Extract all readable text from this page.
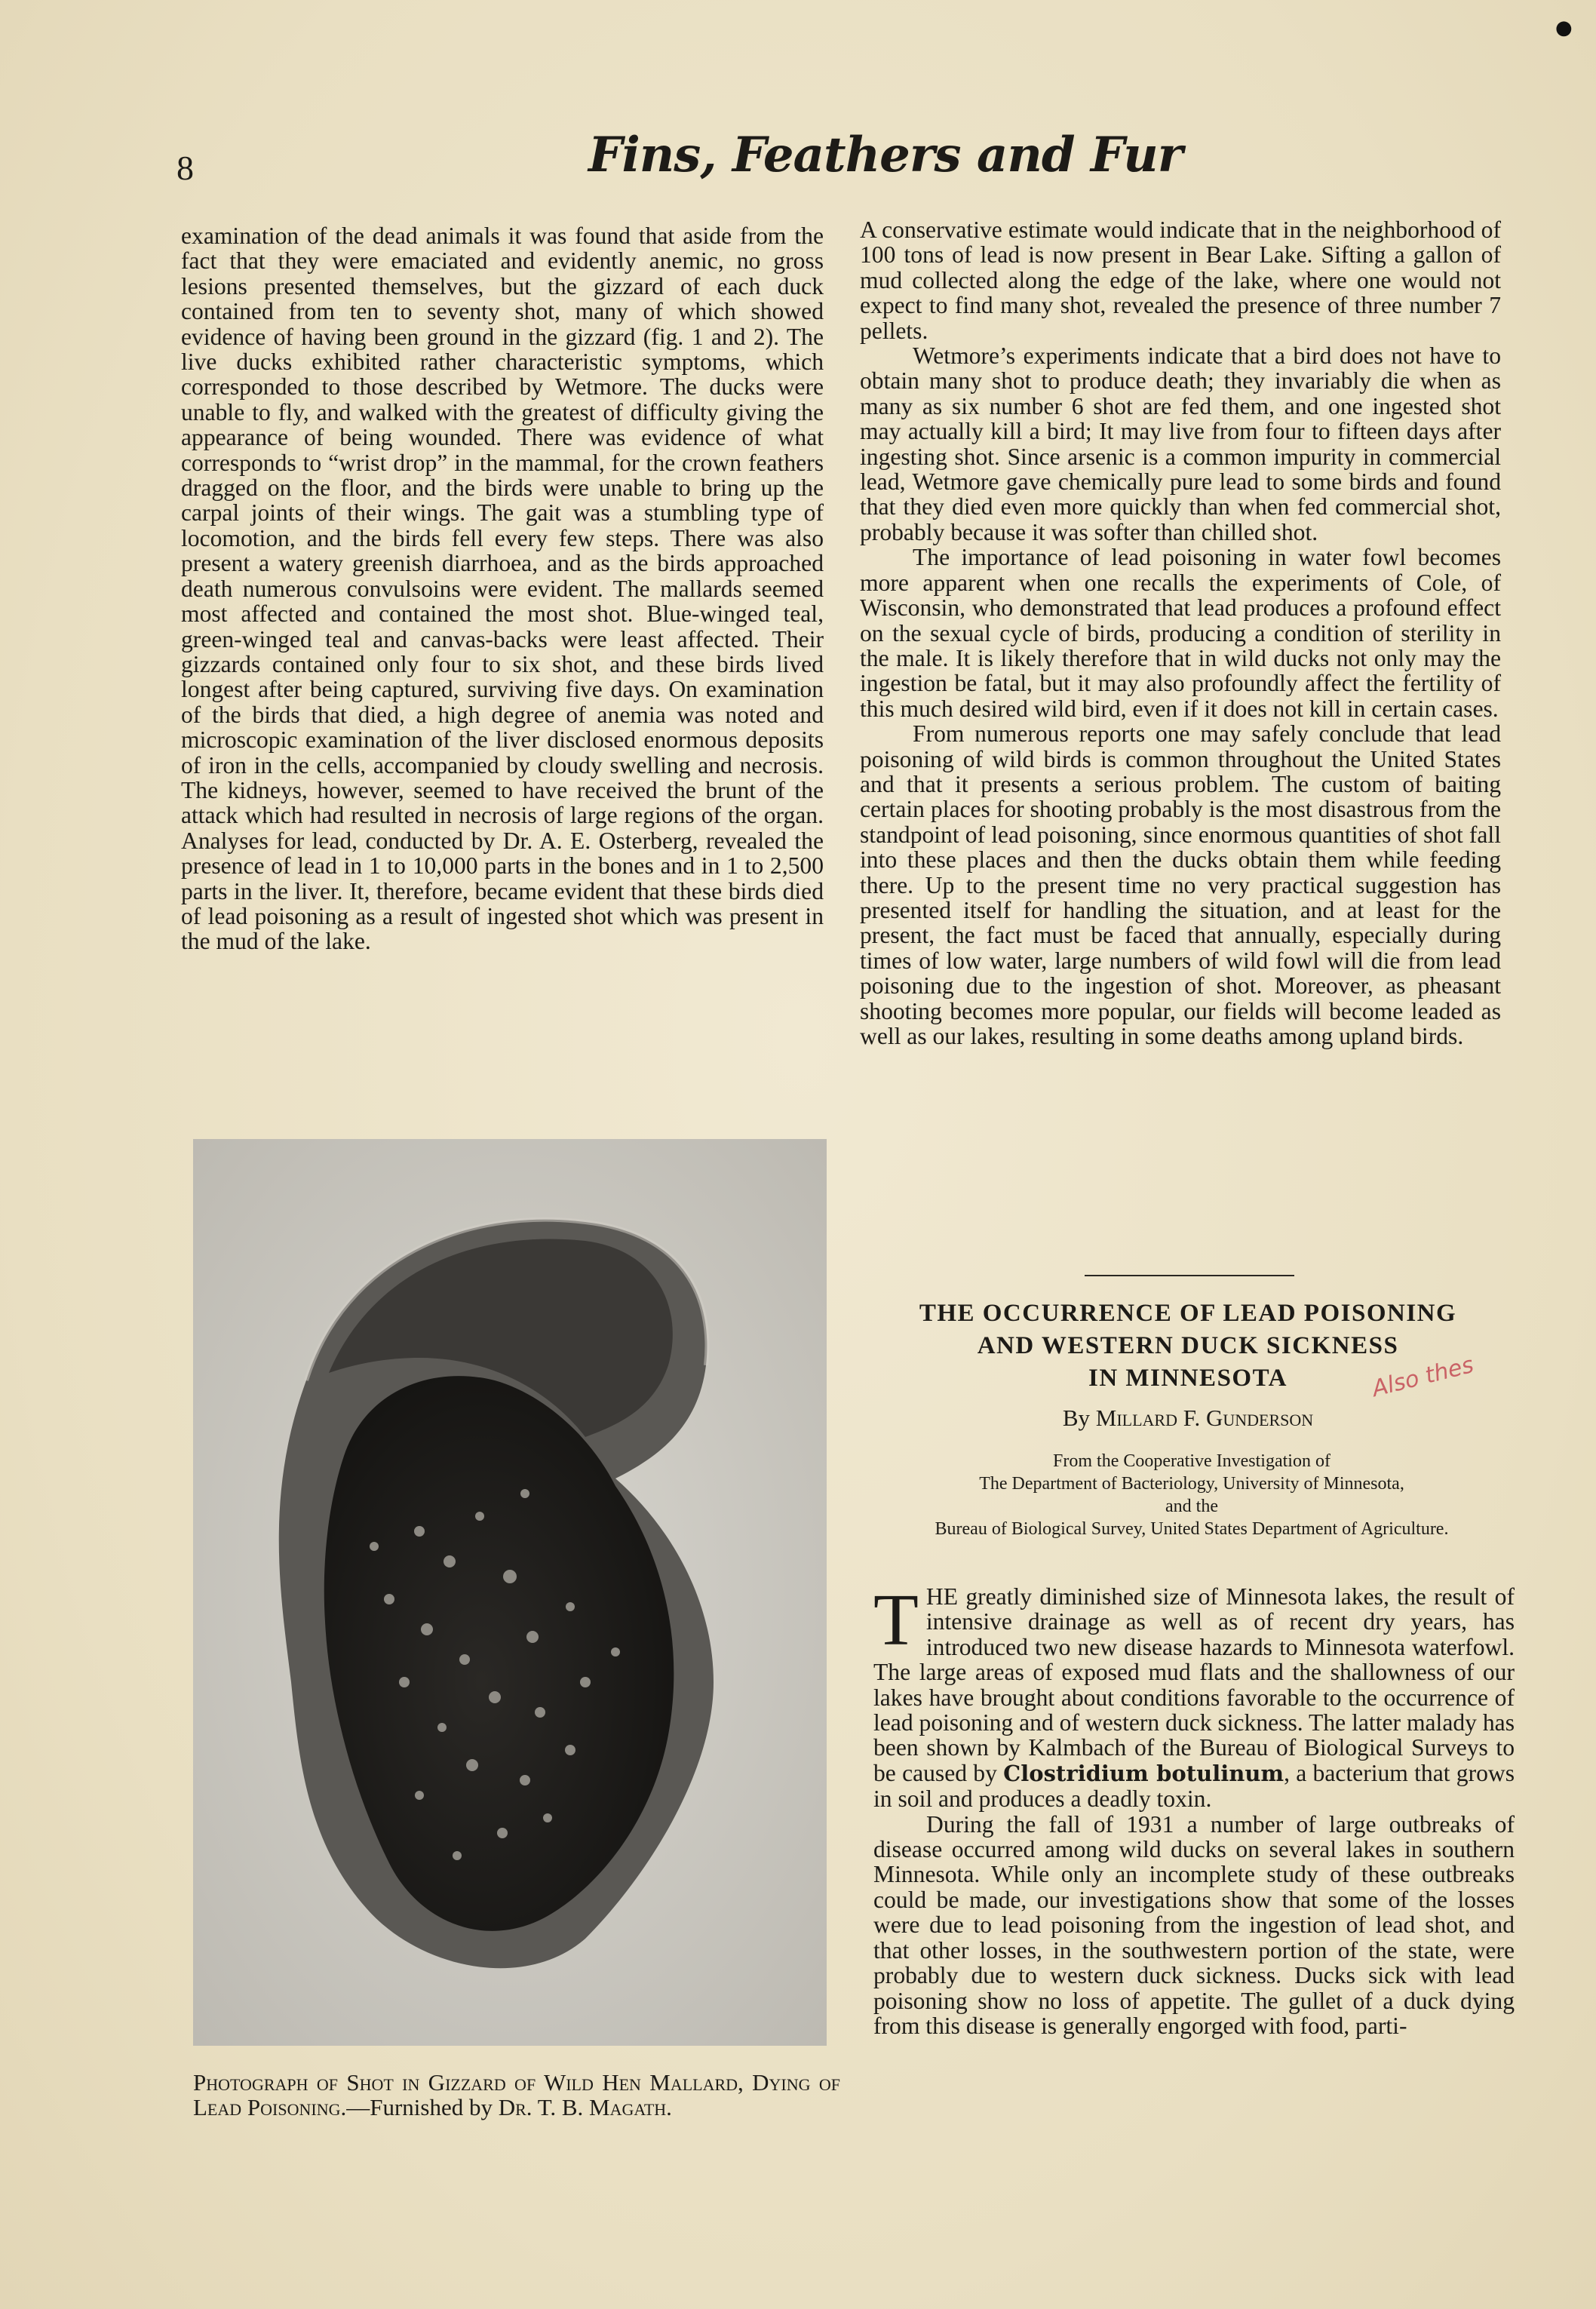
●
8	Fins, Feathers and Fur

examination of the dead animals it was found that aside from the fact that they were emaciated and evidently anemic, no gross lesions presented themselves, but the gizzard of each duck contained from ten to seventy shot, many of which showed evidence of having been ground in the gizzard (fig. 1 and 2). The live ducks exhibited rather characteristic symptoms, which corresponded to those described by Wetmore. The ducks were unable to fly, and walked with the greatest of difficulty giving the appearance of being wounded. There was evidence of what corresponds to “wrist drop” in the mammal, for the crown feathers dragged on the floor, and the birds were unable to bring up the carpal joints of their wings. The gait was a stumbling type of locomotion, and the birds fell every few steps. There was also present a watery greenish diarrhoea, and as the birds approached death numerous convulsoins were evident. The mallards seemed most affected and contained the most shot. Blue-winged teal, green-winged teal and canvas-backs were least affected. Their gizzards contained only four to six shot, and these birds lived longest after being captured, surviving five days. On examination of the birds that died, a high degree of anemia was noted and microscopic examination of the liver disclosed enormous deposits of iron in the cells, accompanied by cloudy swelling and necrosis. The kidneys, however, seemed to have received the brunt of the attack which had resulted in necrosis of large regions of the organ. Analyses for lead, conducted by Dr. A. E. Osterberg, revealed the presence of lead in 1 to 10,000 parts in the bones and in 1 to 2,500 parts in the liver. It, therefore, became evident that these birds died of lead poisoning as a result of ingested shot which was present in the mud of the lake.

Photograph of Shot in Gizzard of Wild Hen Mallard, Dying of Lead Poisoning.—Furnished by Dr. T. B. Magath.

A conservative estimate would indicate that in the neighborhood of 100 tons of lead is now present in Bear Lake. Sifting a gallon of mud collected along the edge of the lake, where one would not expect to find many shot, revealed the presence of three number 7 pellets.

Wetmore’s experiments indicate that a bird does not have to obtain many shot to produce death; they invariably die when as many as six number 6 shot are fed them, and one ingested shot may actually kill a bird; It may live from four to fifteen days after ingesting shot. Since arsenic is a common impurity in commercial lead, Wetmore gave chemically pure lead to some birds and found that they died even more quickly than when fed commercial shot, probably because it was softer than chilled shot.

The importance of lead poisoning in water fowl becomes more apparent when one recalls the experiments of Cole, of Wisconsin, who demonstrated that lead produces a profound effect on the sexual cycle of birds, producing a condition of sterility in the male. It is likely therefore that in wild ducks not only may the ingestion be fatal, but it may also profoundly affect the fertility of this much desired wild bird, even if it does not kill in certain cases.

From numerous reports one may safely conclude that lead poisoning of wild birds is common throughout the United States and that it presents a serious problem. The custom of baiting certain places for shooting probably is the most disastrous from the standpoint of lead poisoning, since enormous quantities of shot fall into these places and then the ducks obtain them while feeding there. Up to the present time no very practical suggestion has presented itself for handling the situation, and at least for the present, the fact must be faced that annually, especially during times of low water, large numbers of wild fowl will die from lead poisoning due to the ingestion of shot. Moreover, as pheasant shooting becomes more popular, our fields will become leaded as well as our lakes, resulting in some deaths among upland birds.

THE OCCURRENCE OF LEAD POISONING
AND WESTERN DUCK SICKNESS
IN MINNESOTA
By Millard F. Gunderson
Also thes
From the Cooperative Investigation of
The Department of Bacteriology, University of Minnesota,
and the
Bureau of Biological Survey, United States Department of Agriculture.

THE greatly diminished size of Minnesota lakes, the result of intensive drainage as well as of recent dry years, has introduced two new disease hazards to Minnesota waterfowl. The large areas of exposed mud flats and the shallowness of our lakes have brought about conditions favorable to the occurrence of lead poisoning and of western duck sickness. The latter malady has been shown by Kalmbach of the Bureau of Biological Surveys to be caused by Clostridium botulinum, a bacterium that grows in soil and produces a deadly toxin.

During the fall of 1931 a number of large outbreaks of disease occurred among wild ducks on several lakes in southern Minnesota. While only an incomplete study of these outbreaks could be made, our investigations show that some of the losses were due to lead poisoning from the ingestion of lead shot, and that other losses, in the southwestern portion of the state, were probably due to western duck sickness. Ducks sick with lead poisoning show no loss of appetite. The gullet of a duck dying from this disease is generally engorged with food, parti-
